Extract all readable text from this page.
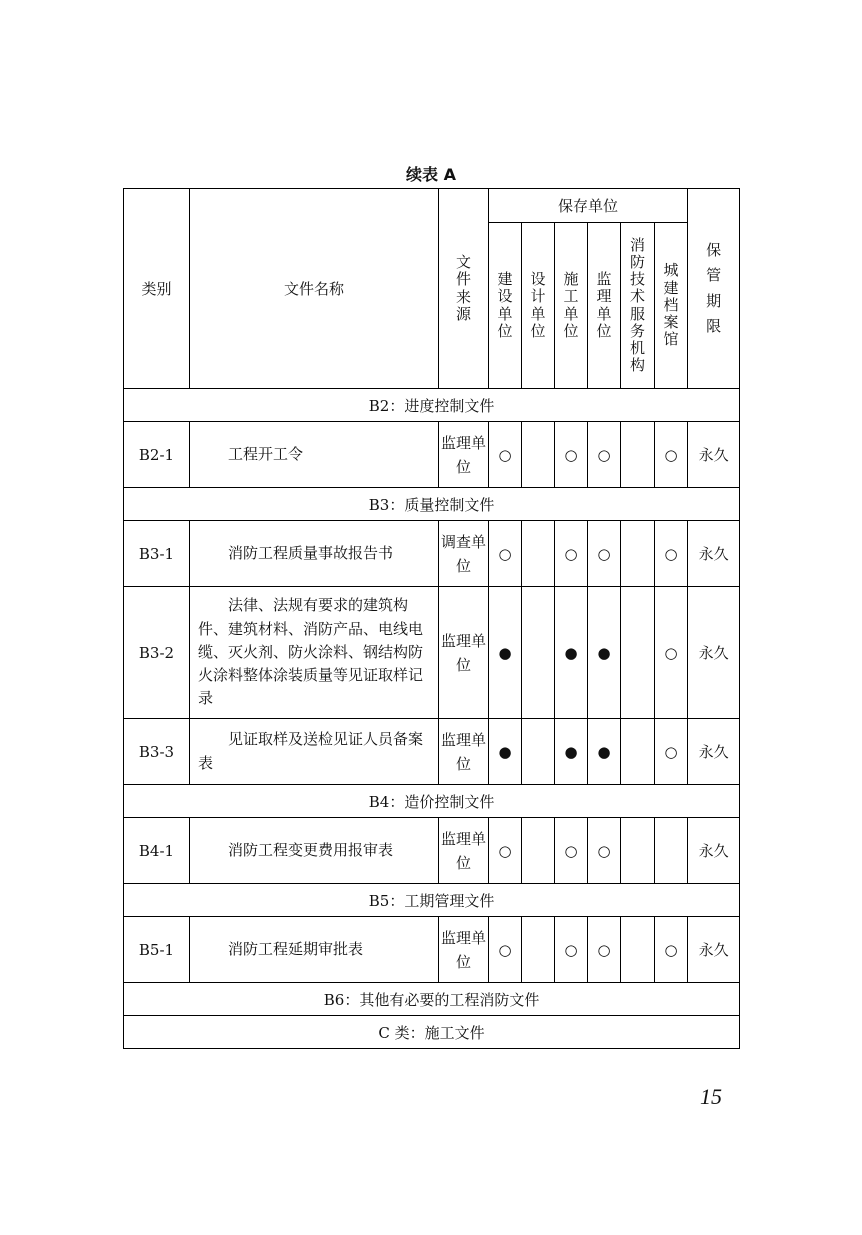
续表 A
类别	文件名称	文件来源	保存单位						保管期限
			建设单位	设计单位	施工单位	监理单位	消防技术服务机构	城建档案馆	
B2：进度控制文件									
B2-1	工程开工令	监理单位	○		○	○		○	永久
B3：质量控制文件									
B3-1	消防工程质量事故报告书	调查单位	○		○	○		○	永久
B3-2	法律、法规有要求的建筑构件、建筑材料、消防产品、电线电缆、灭火剂、防火涂料、钢结构防火涂料整体涂装质量等见证取样记录	监理单位	●		●	●		○	永久
B3-3	见证取样及送检见证人员备案表	监理单位	●		●	●		○	永久
B4：造价控制文件									
B4-1	消防工程变更费用报审表	监理单位	○		○	○			永久
B5：工期管理文件									
B5-1	消防工程延期审批表	监理单位	○		○	○		○	永久
B6：其他有必要的工程消防文件									
C 类：施工文件									
15
